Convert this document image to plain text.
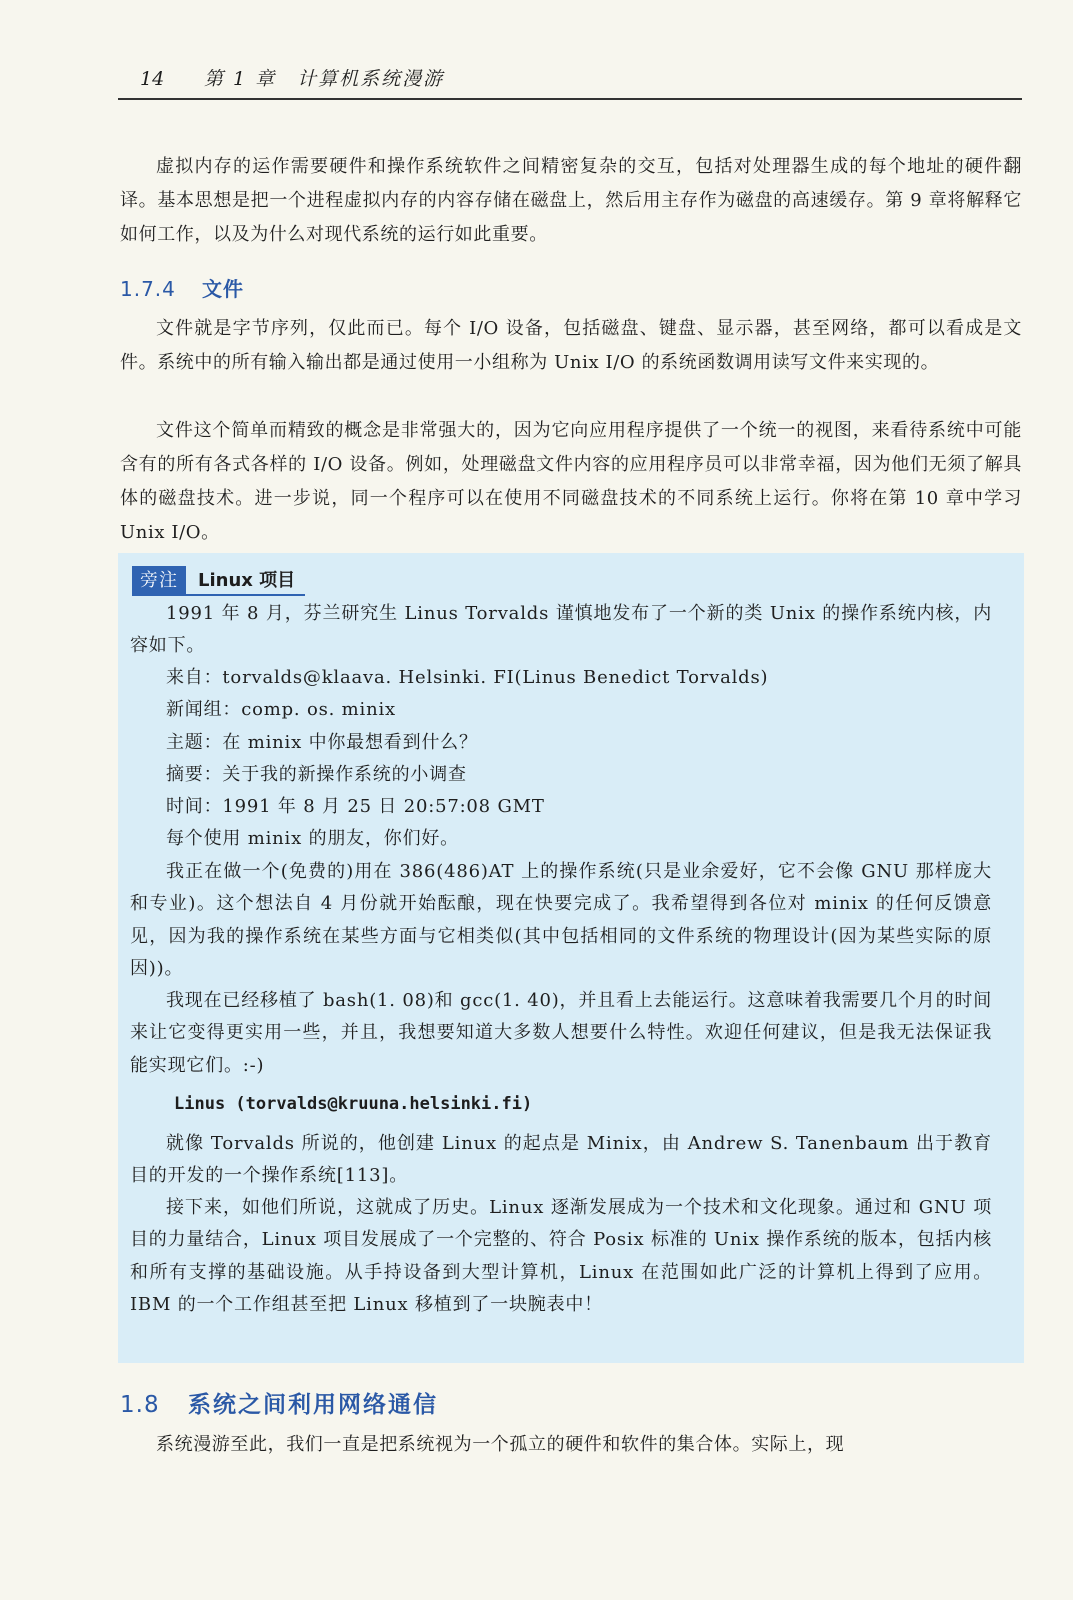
14 第 1 章　计算机系统漫游

虚拟内存的运作需要硬件和操作系统软件之间精密复杂的交互，包括对处理器生成的每个地址的硬件翻译。基本思想是把一个进程虚拟内存的内容存储在磁盘上，然后用主存作为磁盘的高速缓存。第 9 章将解释它如何工作，以及为什么对现代系统的运行如此重要。

1.7.4 文件

文件就是字节序列，仅此而已。每个 I/O 设备，包括磁盘、键盘、显示器，甚至网络，都可以看成是文件。系统中的所有输入输出都是通过使用一小组称为 Unix I/O 的系统函数调用读写文件来实现的。

文件这个简单而精致的概念是非常强大的，因为它向应用程序提供了一个统一的视图，来看待系统中可能含有的所有各式各样的 I/O 设备。例如，处理磁盘文件内容的应用程序员可以非常幸福，因为他们无须了解具体的磁盘技术。进一步说，同一个程序可以在使用不同磁盘技术的不同系统上运行。你将在第 10 章中学习 Unix I/O。

旁注	Linux 项目

1991 年 8 月，芬兰研究生 Linus Torvalds 谨慎地发布了一个新的类 Unix 的操作系统内核，内容如下。

来自：torvalds@klaava. Helsinki. FI(Linus Benedict Torvalds)

新闻组：comp. os. minix

主题：在 minix 中你最想看到什么？

摘要：关于我的新操作系统的小调查

时间：1991 年 8 月 25 日 20:57:08 GMT

每个使用 minix 的朋友，你们好。

我正在做一个(免费的)用在 386(486)AT 上的操作系统(只是业余爱好，它不会像 GNU 那样庞大和专业)。这个想法自 4 月份就开始酝酿，现在快要完成了。我希望得到各位对 minix 的任何反馈意见，因为我的操作系统在某些方面与它相类似(其中包括相同的文件系统的物理设计(因为某些实际的原因))。

我现在已经移植了 bash(1. 08)和 gcc(1. 40)，并且看上去能运行。这意味着我需要几个月的时间来让它变得更实用一些，并且，我想要知道大多数人想要什么特性。欢迎任何建议，但是我无法保证我能实现它们。:-)

Linus (torvalds@kruuna.helsinki.fi)

就像 Torvalds 所说的，他创建 Linux 的起点是 Minix，由 Andrew S. Tanenbaum 出于教育目的开发的一个操作系统[113]。

接下来，如他们所说，这就成了历史。Linux 逐渐发展成为一个技术和文化现象。通过和 GNU 项目的力量结合，Linux 项目发展成了一个完整的、符合 Posix 标准的 Unix 操作系统的版本，包括内核和所有支撑的基础设施。从手持设备到大型计算机，Linux 在范围如此广泛的计算机上得到了应用。IBM 的一个工作组甚至把 Linux 移植到了一块腕表中！

1.8 系统之间利用网络通信

系统漫游至此，我们一直是把系统视为一个孤立的硬件和软件的集合体。实际上，现
